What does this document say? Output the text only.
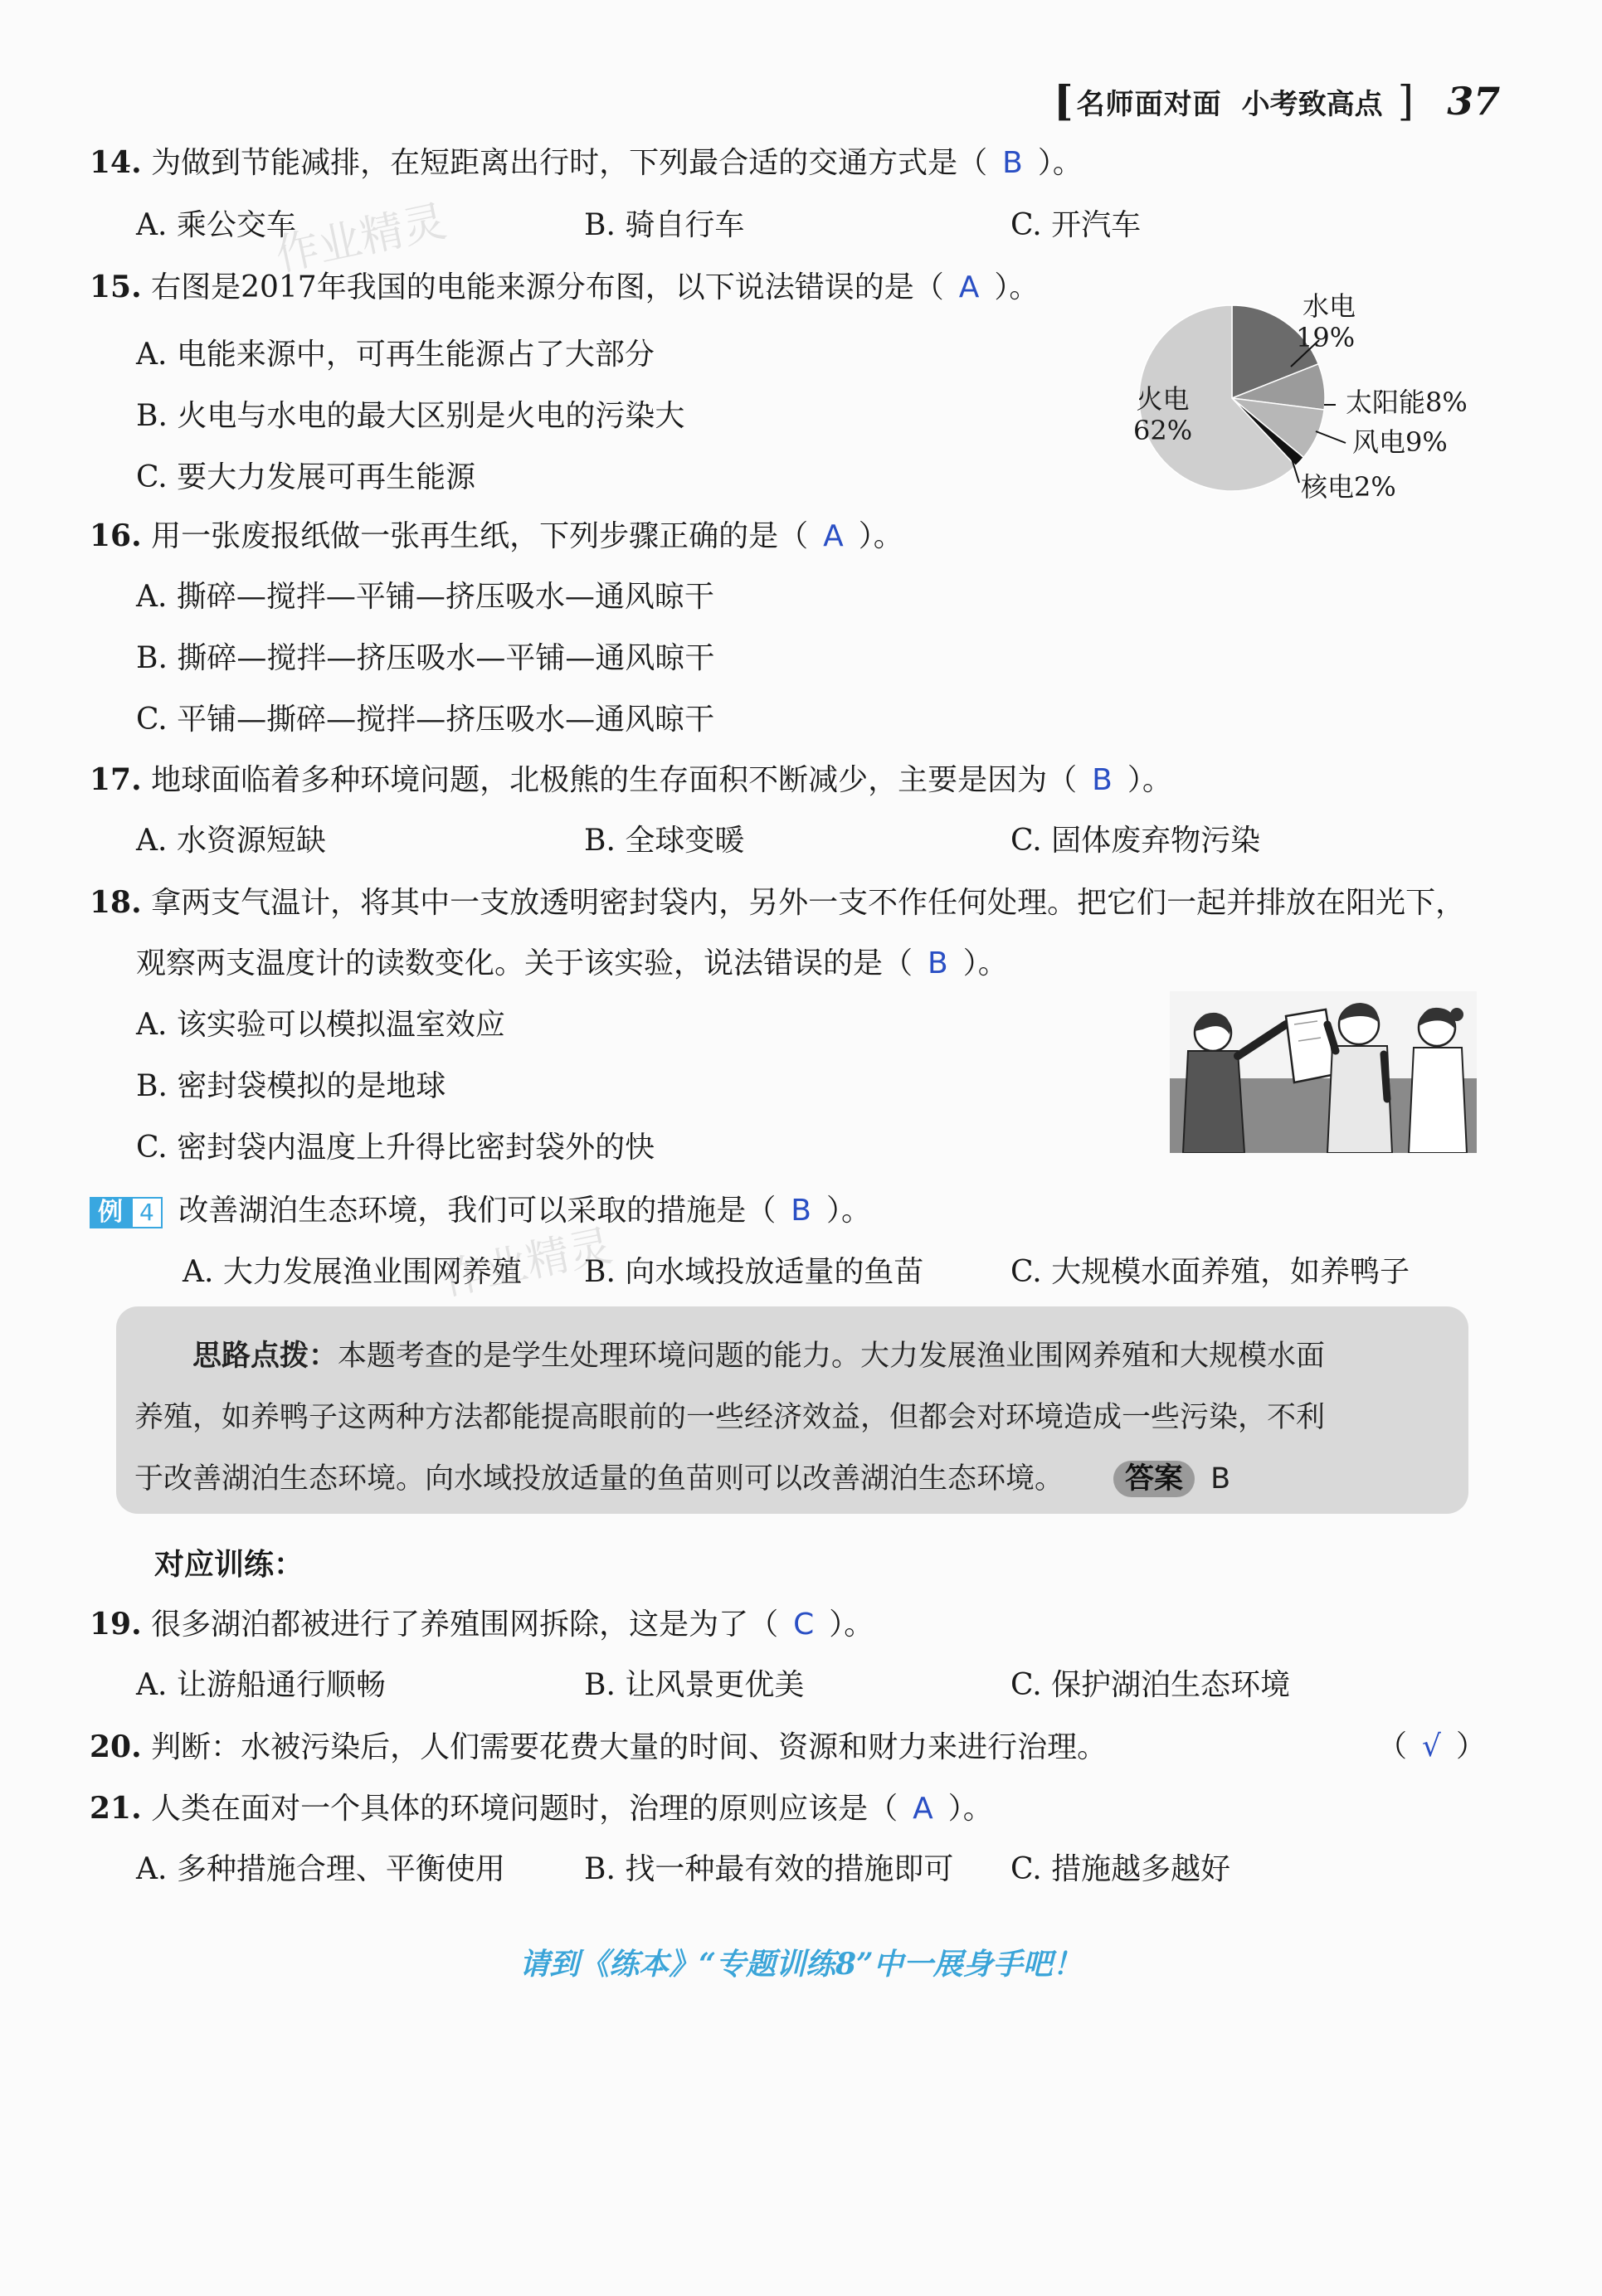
[ 名师面对面 小考致高点 ] 37
14. 为做到节能减排，在短距离出行时，下列最合适的交通方式是（ B ）。
A. 乘公交车	B. 骑自行车	C. 开汽车
15. 右图是2017年我国的电能来源分布图，以下说法错误的是（ A ）。
A. 电能来源中，可再生能源占了大部分
B. 火电与水电的最大区别是火电的污染大
C. 要大力发展可再生能源
火电
62%
水电
19%
太阳能8%
风电9%
核电2%
16. 用一张废报纸做一张再生纸，下列步骤正确的是（ A ）。
A. 撕碎—搅拌—平铺—挤压吸水—通风晾干
B. 撕碎—搅拌—挤压吸水—平铺—通风晾干
C. 平铺—撕碎—搅拌—挤压吸水—通风晾干
17. 地球面临着多种环境问题，北极熊的生存面积不断减少，主要是因为（ B ）。
A. 水资源短缺	B. 全球变暖	C. 固体废弃物污染
18. 拿两支气温计，将其中一支放透明密封袋内，另外一支不作任何处理。把它们一起并排放在阳光下，
观察两支温度计的读数变化。关于该实验，说法错误的是（ B ）。
A. 该实验可以模拟温室效应
B. 密封袋模拟的是地球
C. 密封袋内温度上升得比密封袋外的快
例 4 改善湖泊生态环境，我们可以采取的措施是（ B ）。
A. 大力发展渔业围网养殖 B. 向水域投放适量的鱼苗	C. 大规模水面养殖，如养鸭子
思路点拨：本题考查的是学生处理环境问题的能力。大力发展渔业围网养殖和大规模水面
养殖，如养鸭子这两种方法都能提高眼前的一些经济效益，但都会对环境造成一些污染，不利
于改善湖泊生态环境。向水域投放适量的鱼苗则可以改善湖泊生态环境。 答案 B
对应训练：
19. 很多湖泊都被进行了养殖围网拆除，这是为了（ C ）。
A. 让游船通行顺畅	B. 让风景更优美	C. 保护湖泊生态环境
20. 判断：水被污染后，人们需要花费大量的时间、资源和财力来进行治理。	（ √ ）
21. 人类在面对一个具体的环境问题时，治理的原则应该是（ A ）。
A. 多种措施合理、平衡使用	B. 找一种最有效的措施即可 C. 措施越多越好
请到《练本》“专题训练8”中一展身手吧！
作业精灵
作业精灵
